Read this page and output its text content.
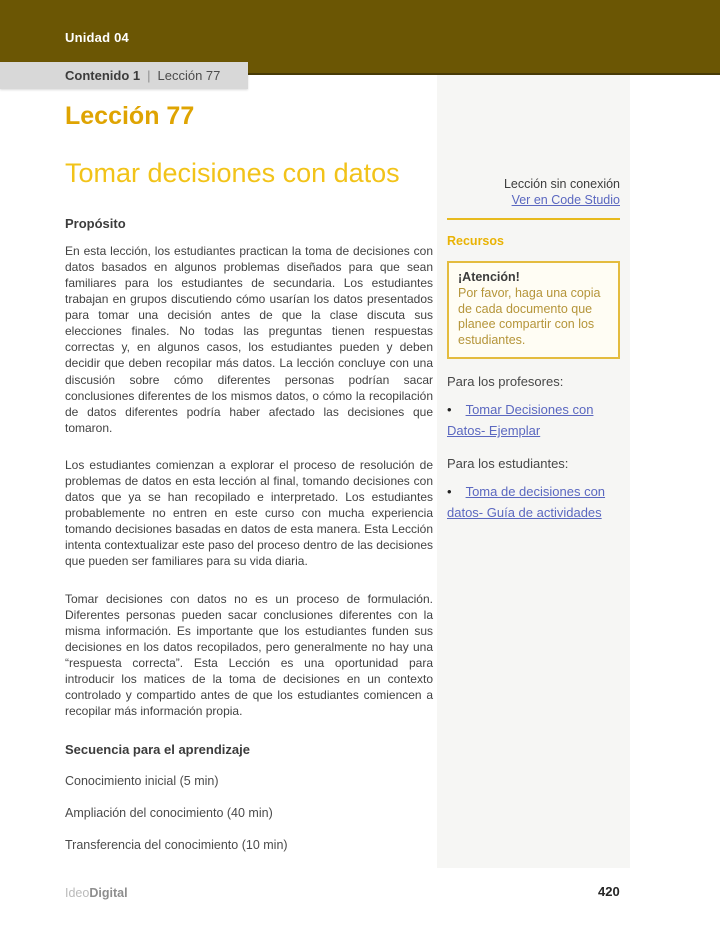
Unidad 04
Contenido 1 | Lección 77
Lección 77
Tomar decisiones con datos
Propósito

En esta lección, los estudiantes practican la toma de decisiones con datos basados en algunos problemas diseñados para que sean familiares para los estudiantes de secundaria. Los estudiantes trabajan en grupos discutiendo cómo usarían los datos presentados para tomar una decisión antes de que la clase discuta sus elecciones finales. No todas las preguntas tienen respuestas correctas y, en algunos casos, los estudiantes pueden y deben decidir que deben recopilar más datos. La lección concluye con una discusión sobre cómo diferentes personas podrían sacar conclusiones diferentes de los mismos datos, o cómo la recopilación de datos diferentes podría haber afectado las decisiones que tomaron.

Los estudiantes comienzan a explorar el proceso de resolución de problemas de datos en esta lección al final, tomando decisiones con datos que ya se han recopilado e interpretado. Los estudiantes probablemente no entren en este curso con mucha experiencia tomando decisiones basadas en datos de esta manera. Esta Lección intenta contextualizar este paso del proceso dentro de las decisiones que pueden ser familiares para su vida diaria.

Tomar decisiones con datos no es un proceso de formulación. Diferentes personas pueden sacar conclusiones diferentes con la misma información. Es importante que los estudiantes funden sus decisiones en los datos recopilados, pero generalmente no hay una “respuesta correcta”. Esta Lección es una oportunidad para introducir los matices de la toma de decisiones en un contexto controlado y compartido antes de que los estudiantes comiencen a recopilar más información propia.

Secuencia para el aprendizaje

Conocimiento inicial (5 min)

Ampliación del conocimiento (40 min)

Transferencia del conocimiento (10 min)

Lección sin conexión
Ver en Code Studio
Recursos
¡Atención!
Por favor, haga una copia de cada documento que planee compartir con los estudiantes.
Para los profesores:
• Tomar Decisiones con Datos- Ejemplar
Para los estudiantes:
• Toma de decisiones con datos- Guía de actividades
IdeoDigital	420
